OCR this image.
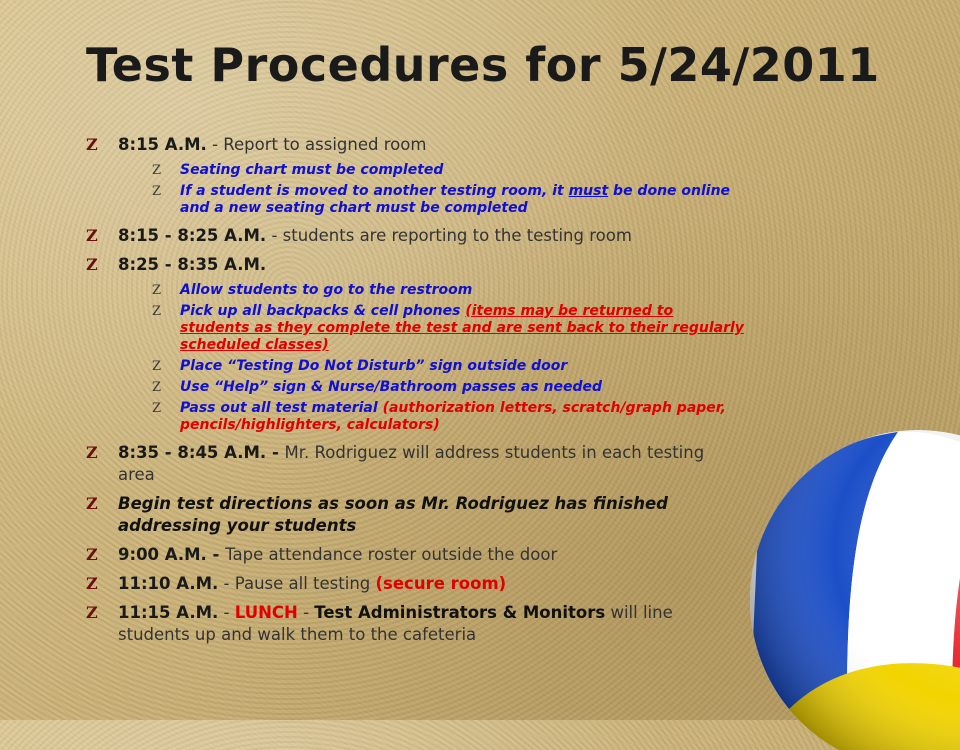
Test Procedures for 5/24/2011
Z 8:15 A.M. - Report to assigned room
Z Seating chart must be completed
Z If a student is moved to another testing room, it must be done online and a new seating chart must be completed
Z 8:15 - 8:25 A.M. - students are reporting to the testing room
Z 8:25 - 8:35 A.M.
Z Allow students to go to the restroom
Z Pick up all backpacks & cell phones (items may be returned to students as they complete the test and are sent back to their regularly scheduled classes)
Z Place “Testing Do Not Disturb” sign outside door
Z Use “Help” sign & Nurse/Bathroom passes as needed
Z Pass out all test material (authorization letters, scratch/graph paper, pencils/highlighters, calculators)
Z 8:35 - 8:45 A.M. - Mr. Rodriguez will address students in each testing area
Z Begin test directions as soon as Mr. Rodriguez has finished addressing your students
Z 9:00 A.M. - Tape attendance roster outside the door
Z 11:10 A.M. - Pause all testing (secure room)
Z 11:15 A.M. - LUNCH - Test Administrators & Monitors will line students up and walk them to the cafeteria
